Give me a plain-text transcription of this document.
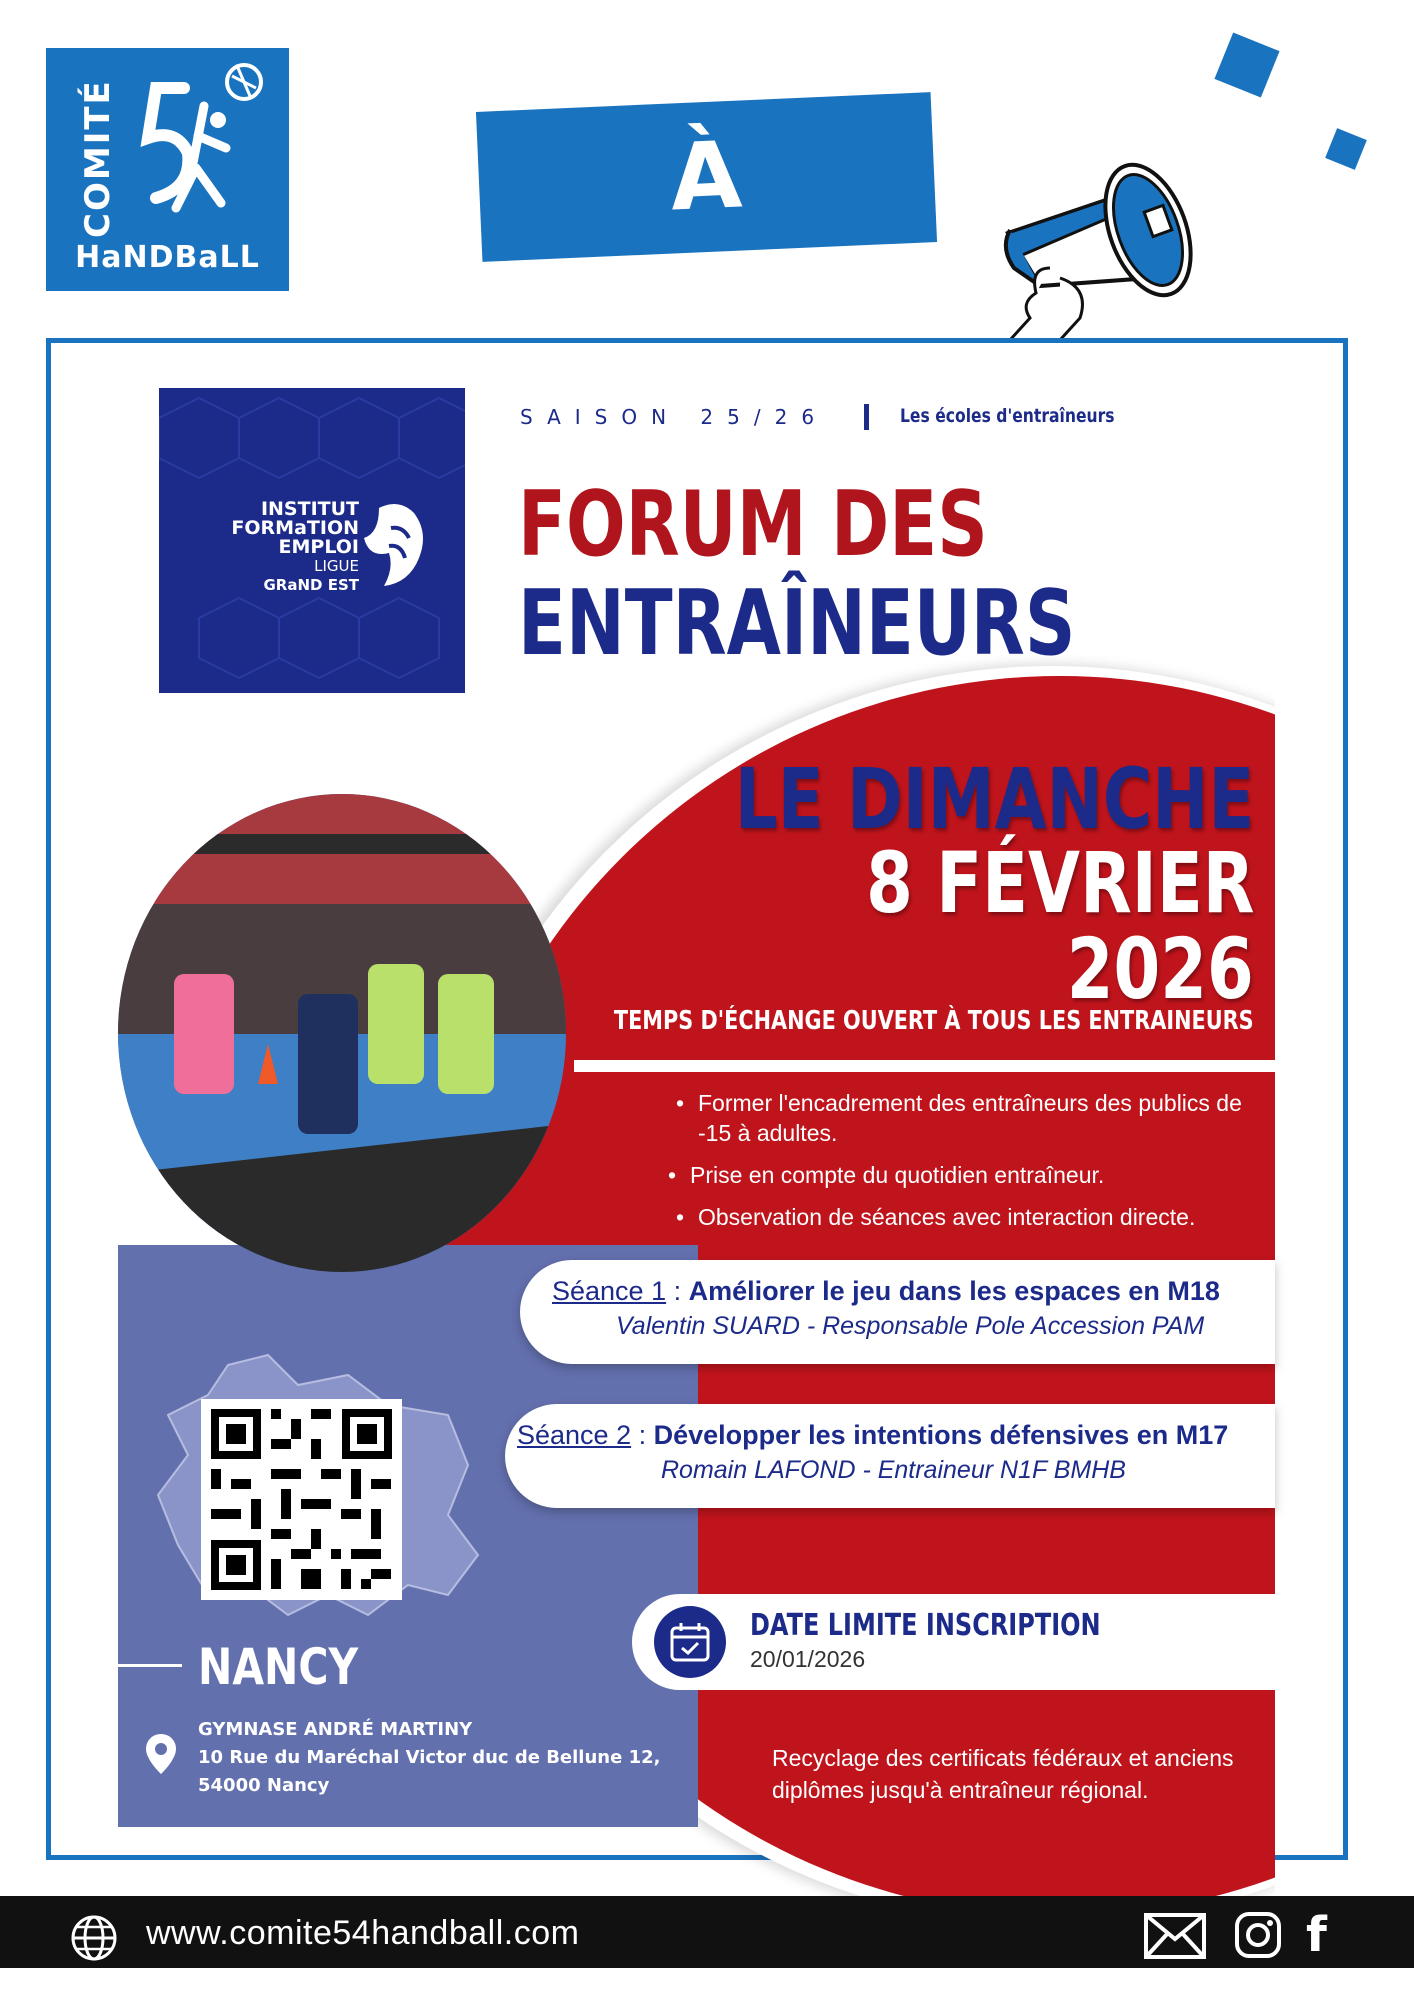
COMITÉ
HaNDBaLL
À NOTER
NANCY
GYMNASE ANDRÉ MARTINY
10 Rue du Maréchal Victor duc de Bellune 12,
54000 Nancy
INSTITUT
FORMaTION
EMPLOI
LIGUE
GRaND EST
SAISON 25/26	Les écoles d'entraîneurs
FORUM DES
ENTRAÎNEURS
LE DIMANCHE
8 FÉVRIER
2026
TEMPS D'ÉCHANGE OUVERT À TOUS LES ENTRAINEURS
• Former l'encadrement des entraîneurs des publics de -15 à adultes.
• Prise en compte du quotidien entraîneur.
• Observation de séances avec interaction directe.
Séance 1 : Améliorer le jeu dans les espaces en M18
Valentin SUARD - Responsable Pole Accession PAM
Séance 2 : Développer les intentions défensives en M17
Romain LAFOND - Entraineur N1F BMHB
DATE LIMITE INSCRIPTION
20/01/2026
Recyclage des certificats fédéraux et anciens diplômes jusqu'à entraîneur régional.
www.comite54handball.com	f
